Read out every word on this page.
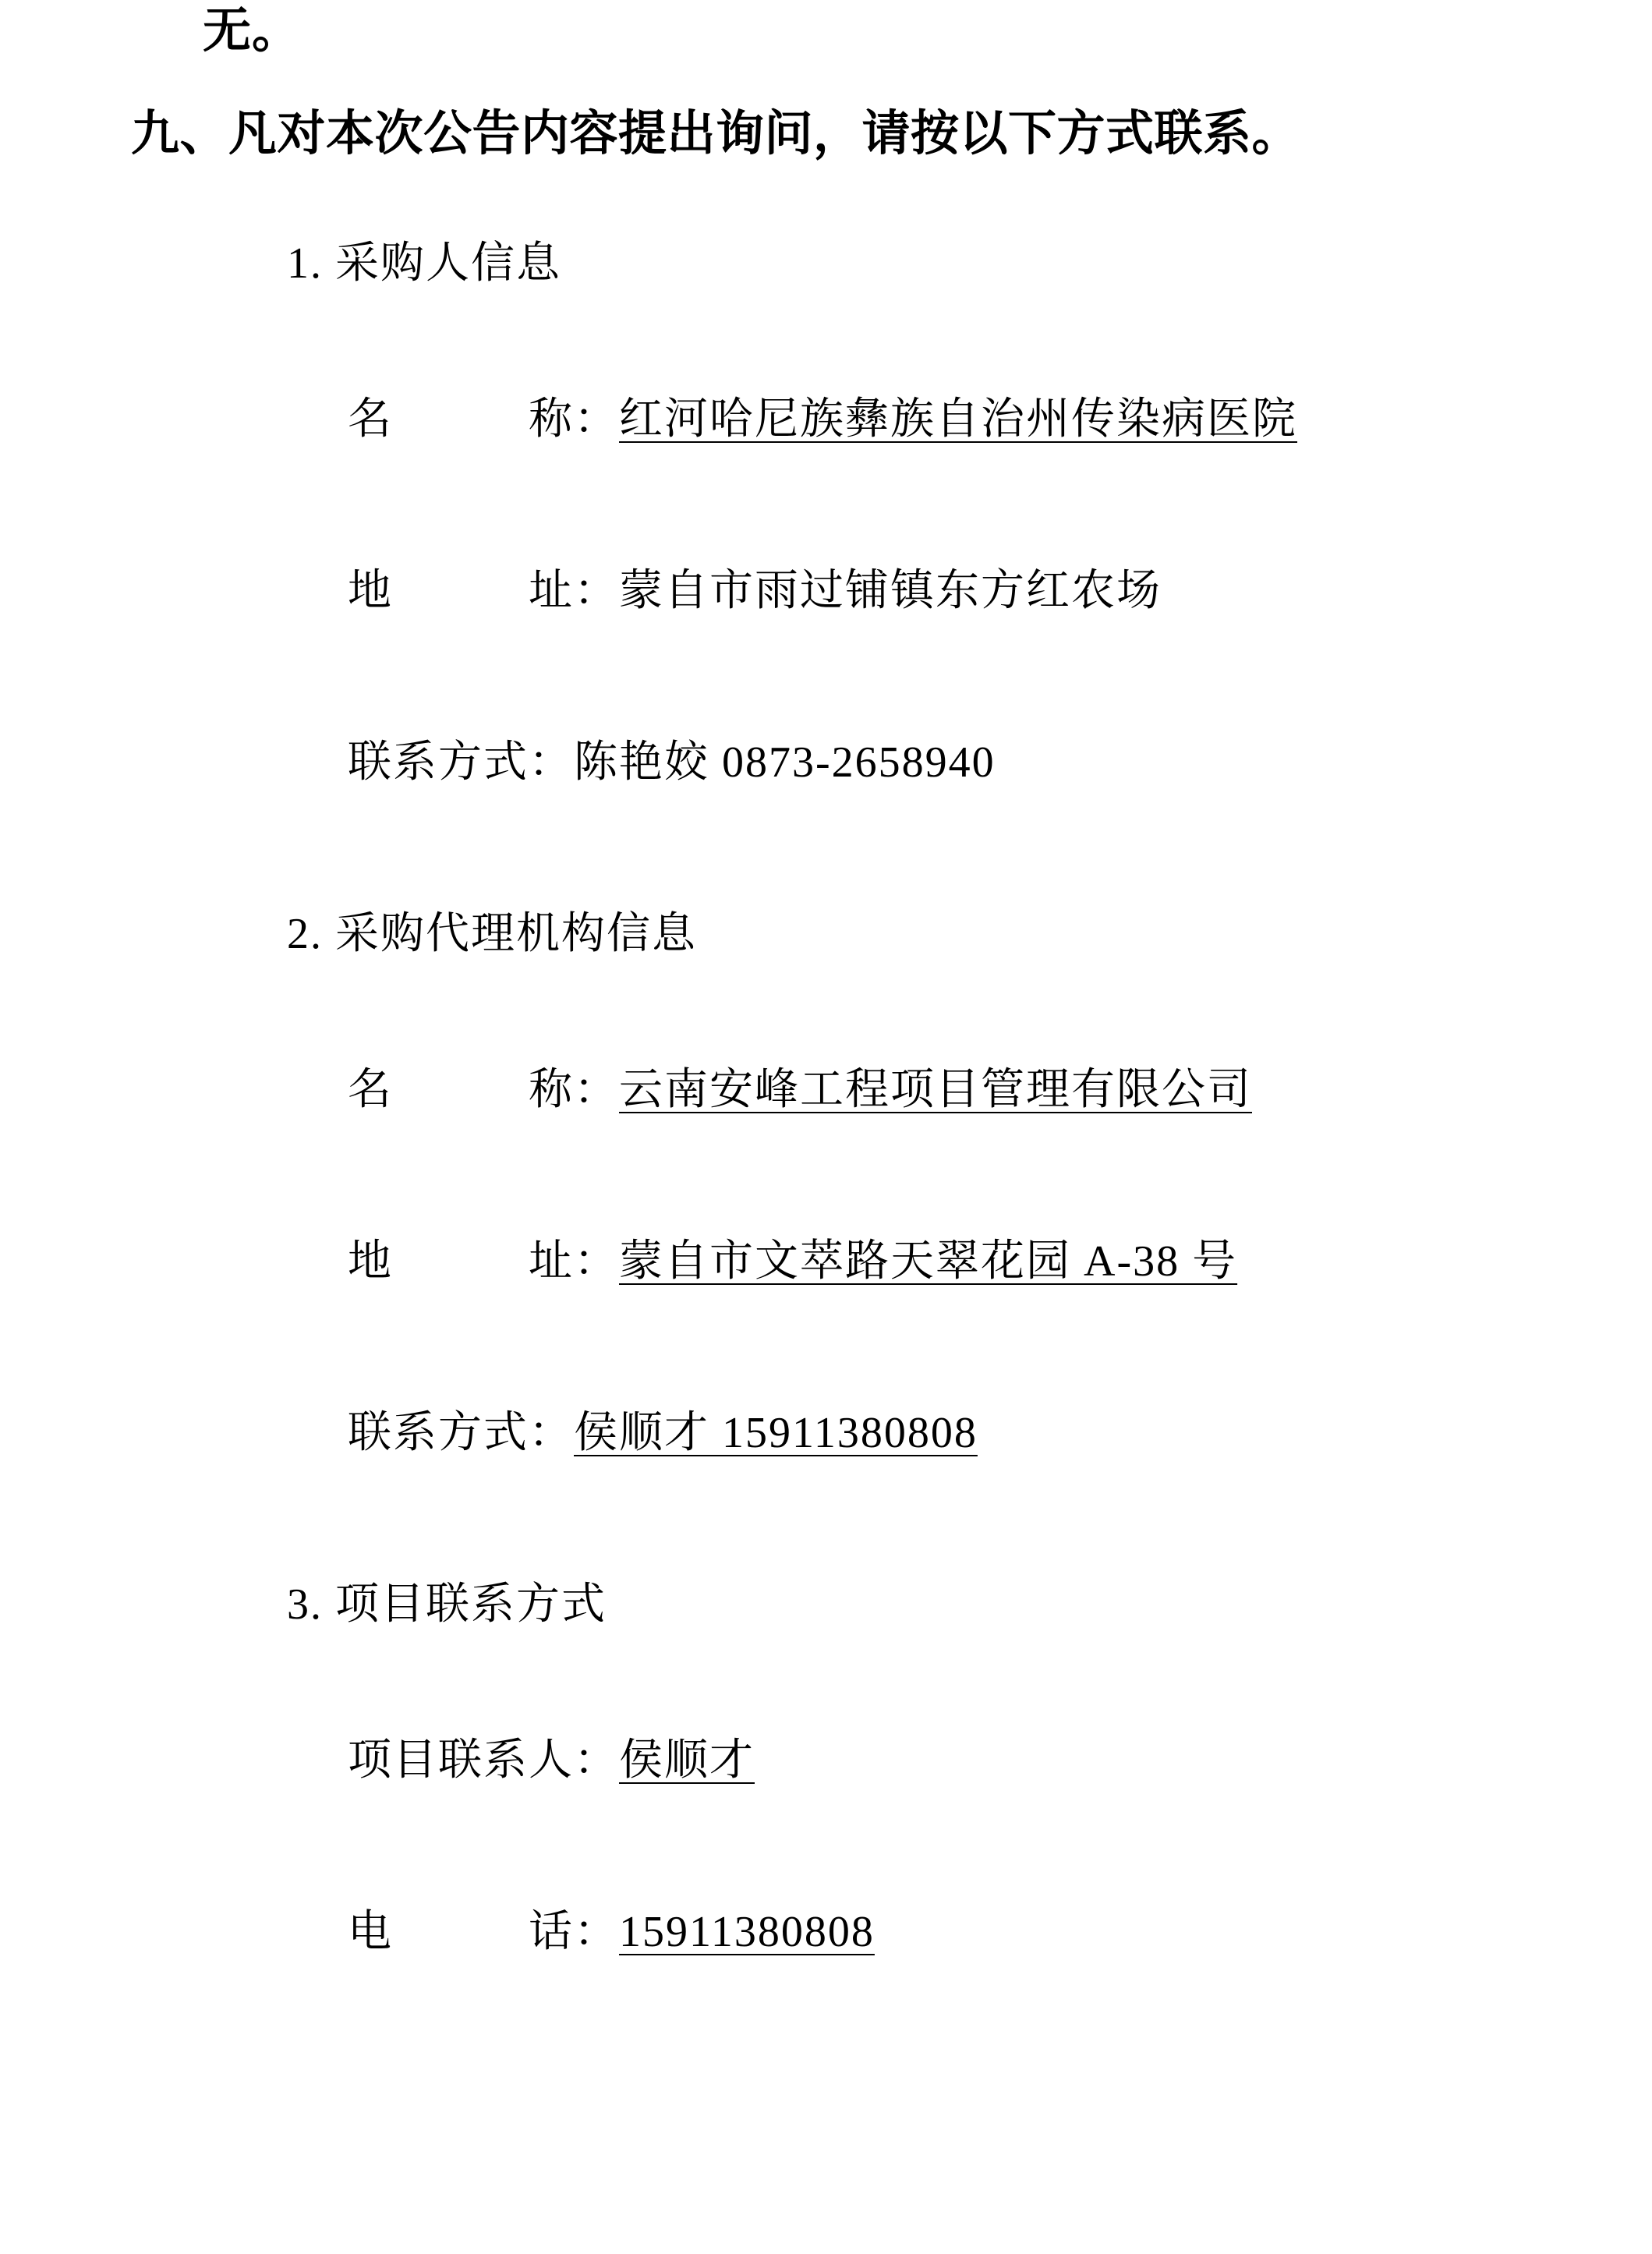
无。
九、凡对本次公告内容提出询问，请按以下方式联系。
1. 采购人信息

名　　　称：红河哈尼族彝族自治州传染病医院

地　　　址：蒙自市雨过铺镇东方红农场

联系方式：陈艳姣 0873-2658940

2. 采购代理机构信息

名　　　称：云南安峰工程项目管理有限公司

地　　　址：蒙自市文萃路天翠花园 A-38 号

联系方式：侯顺才 15911380808

3. 项目联系方式

项目联系人：侯顺才

电　　　话：15911380808
